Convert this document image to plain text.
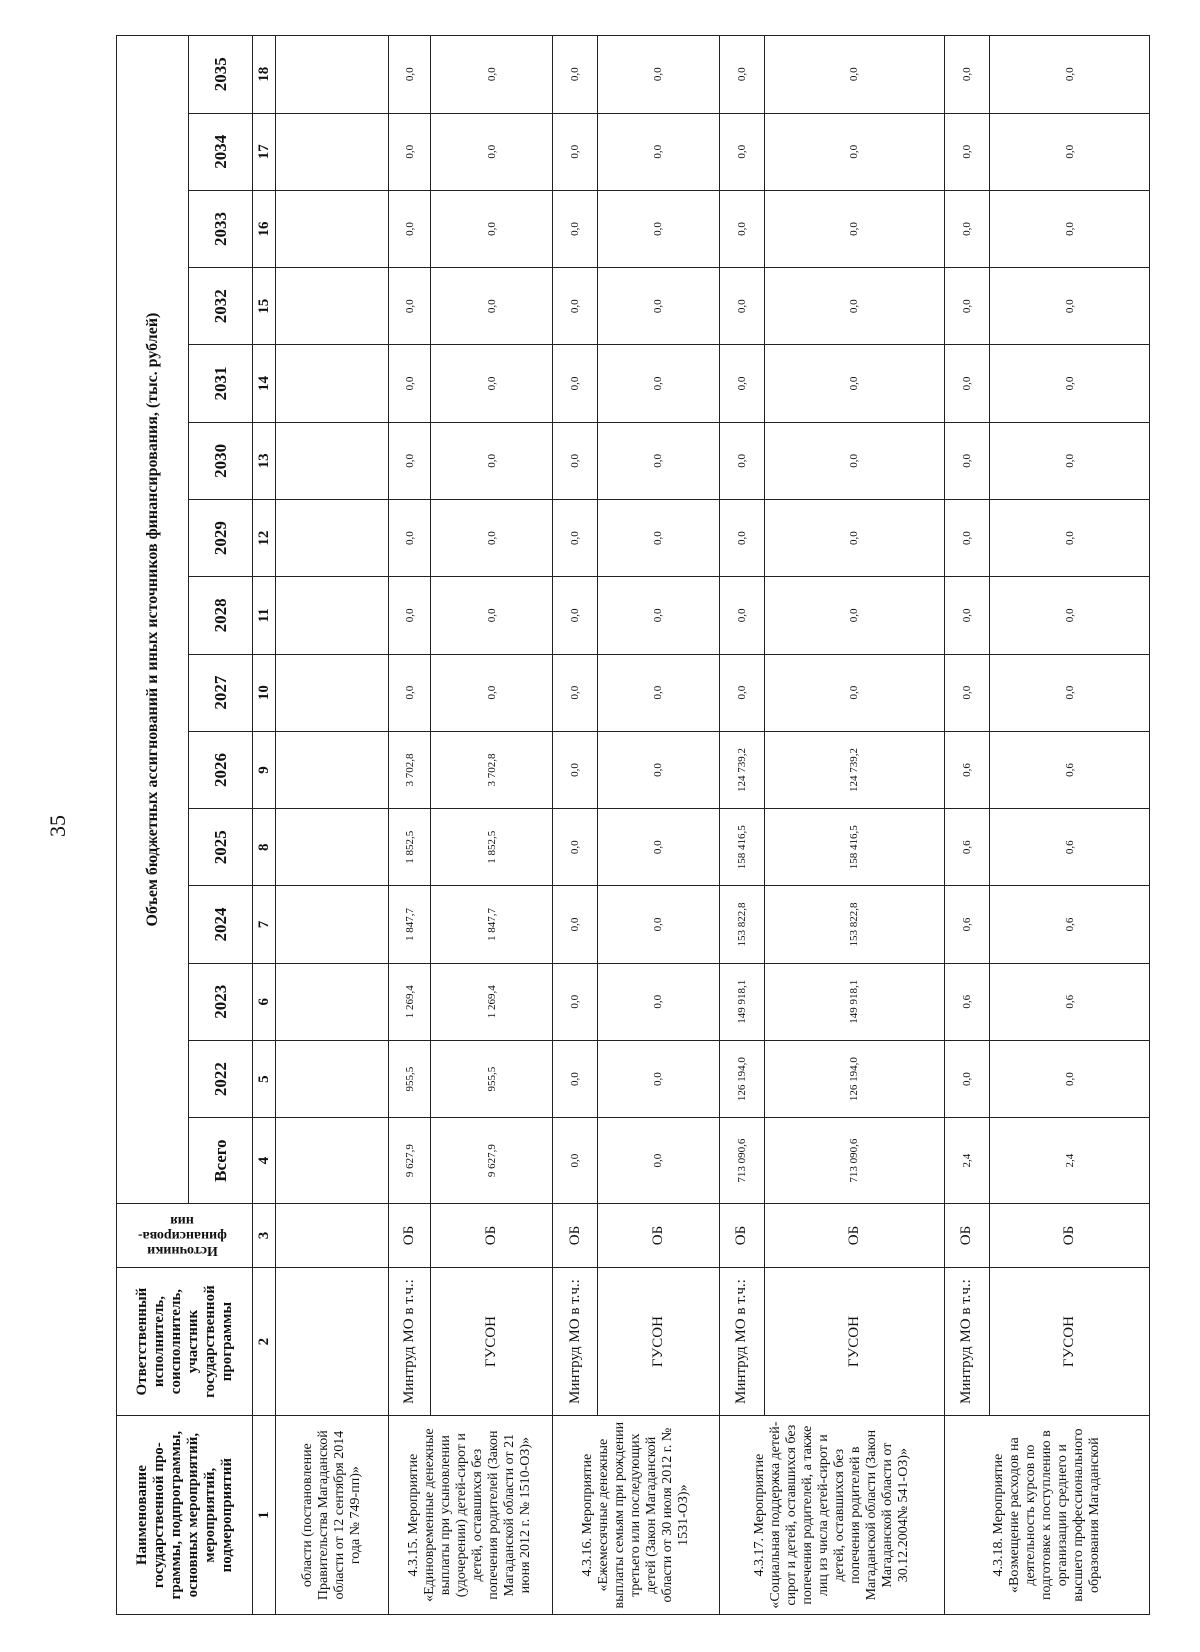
35
Наименование государственной про-граммы, подпрограммы, основных мероприятий, мероприятий, подмероприятий	Ответственный исполнитель, соисполнитель, участник государственной программы	Источники
финансирова-
ния	Объем бюджетных ассигнований и иных источников финансирования, (тыс. рублей)														
			Всего	2022	2023	2024	2025	2026	2027	2028	2029	2030	2031	2032	2033	2034	2035
1	2	3	4	5	6	7	8	9	10	11	12	13	14	15	16	17	18
области (постановление Правительства Магаданской области от 12 сентября 2014 года № 749-пп)»																	
4.3.15. Мероприятие «Единовременные денежные выплаты при усыновлении (удочерении) детей-сирот и детей, оставшихся без попечения родителей (Закон Магаданской области от 21 июня 2012 г. № 1510-ОЗ)»	Минтруд МО в т.ч.:	ОБ	9 627,9	955,5	1 269,4	1 847,7	1 852,5	3 702,8	0,0	0,0	0,0	0,0	0,0	0,0	0,0	0,0	0,0
	ГУСОН	ОБ	9 627,9	955,5	1 269,4	1 847,7	1 852,5	3 702,8	0,0	0,0	0,0	0,0	0,0	0,0	0,0	0,0	0,0
4.3.16. Мероприятие «Ежемесячные денежные выплаты семьям при рождении третьего или последующих детей (Закон Магаданской области от 30 июля 2012 г. № 1531-ОЗ)»	Минтруд МО в т.ч.:	ОБ	0,0	0,0	0,0	0,0	0,0	0,0	0,0	0,0	0,0	0,0	0,0	0,0	0,0	0,0	0,0
	ГУСОН	ОБ	0,0	0,0	0,0	0,0	0,0	0,0	0,0	0,0	0,0	0,0	0,0	0,0	0,0	0,0	0,0
4.3.17. Мероприятие «Социальная поддержка детей-сирот и детей, оставшихся без попечения родителей, а также лиц из числа детей-сирот и детей, оставшихся без попечения родителей в Магаданской области (Закон Магаданской области от 30.12.2004№ 541-ОЗ)»	Минтруд МО в т.ч.:	ОБ	713 090,6	126 194,0	149 918,1	153 822,8	158 416,5	124 739,2	0,0	0,0	0,0	0,0	0,0	0,0	0,0	0,0	0,0
	ГУСОН	ОБ	713 090,6	126 194,0	149 918,1	153 822,8	158 416,5	124 739,2	0,0	0,0	0,0	0,0	0,0	0,0	0,0	0,0	0,0
4.3.18. Мероприятие «Возмещение расходов на деятельность курсов по подготовке к поступлению в организации среднего и высшего профессионального образования Магаданской	Минтруд МО в т.ч.:	ОБ	2,4	0,0	0,6	0,6	0,6	0,6	0,0	0,0	0,0	0,0	0,0	0,0	0,0	0,0	0,0
	ГУСОН	ОБ	2,4	0,0	0,6	0,6	0,6	0,6	0,0	0,0	0,0	0,0	0,0	0,0	0,0	0,0	0,0
